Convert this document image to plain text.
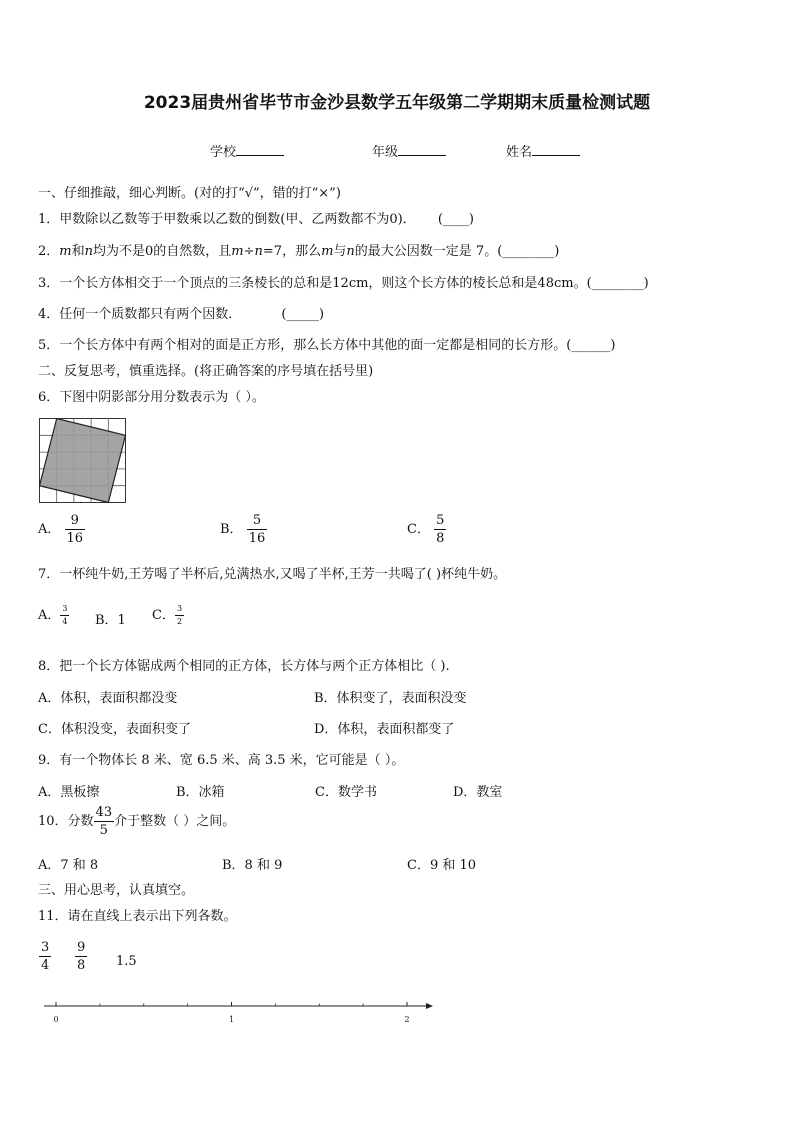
2023届贵州省毕节市金沙县数学五年级第二学期期末质量检测试题
学校	年级	姓名
一、仔细推敲，细心判断。(对的打“√”，错的打“×”)
1．甲数除以乙数等于甲数乘以乙数的倒数(甲、乙两数都不为0)． (____)
2．m和n均为不是0的自然数，且m÷n=7，那么m与n的最大公因数一定是 7。(________)
3．一个长方体相交于一个顶点的三条棱长的总和是12cm，则这个长方体的棱长总和是48cm。(________)
4．任何一个质数都只有两个因数．	(_____)
5．一个长方体中有两个相对的面是正方形，那么长方体中其他的面一定都是相同的长方形。(______)
二、反复思考，慎重选择。(将正确答案的序号填在括号里)
6．下图中阴影部分用分数表示为（ ）。
A． $\frac{9}{16}$	B． $\frac{5}{16}$	C． $\frac{5}{8}$
7．一杯纯牛奶,王芳喝了半杯后,兑满热水,又喝了半杯,王芳一共喝了( )杯纯牛奶。
A． $\frac{3}{4}$ B．1 C． $\frac{3}{2}$
8．把一个长方体锯成两个相同的正方体，长方体与两个正方体相比（ ).
A．体积，表面积都没变	B．体积变了，表面积没变
C．体积没变，表面积变了	D．体积，表面积都变了
9．有一个物体长 8 米、宽 6.5 米、高 3.5 米，它可能是（ ）。
A．黑板擦	B．冰箱	C．数学书	D．教室
10．分数 $\frac{43}{5}$ 介于整数（ ）之间。
A．7 和 8	B．8 和 9	C．9 和 10
三、用心思考，认真填空。
11．请在直线上表示出下列各数。
$\frac{3}{4} \frac{9}{8} 1.5$
0	1	2
